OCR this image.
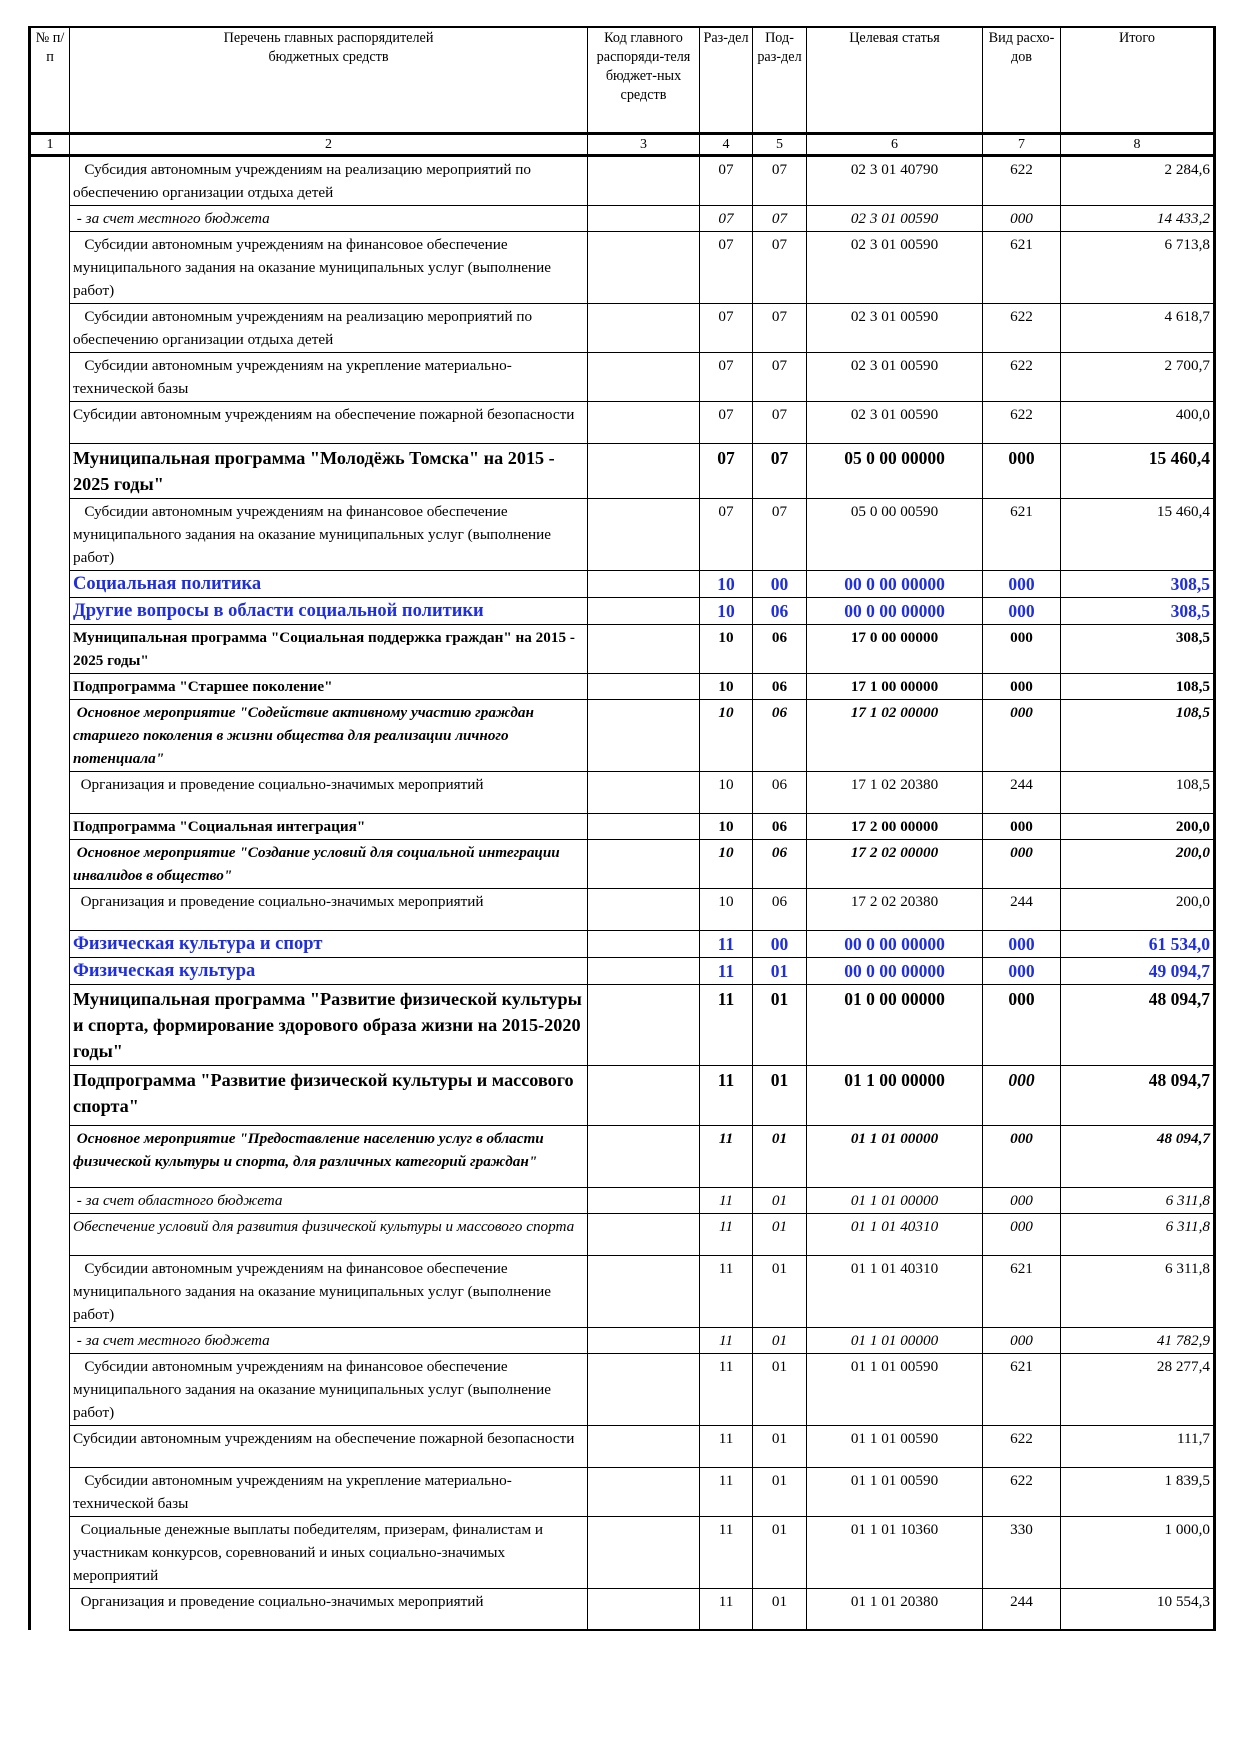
№ п/п	Перечень главных распорядителей бюджетных средств	Код главного распоряди-теля бюджет-ных средств	Раз-дел	Под-раз-дел	Целевая статья	Вид расхо-дов	Итого
1	2	3	4	5	6	7	8
	Субсидия автономным учреждениям на реализацию мероприятий по обеспечению организации отдыха детей		07	07	02 3 01 40790	622	2 284,6
	- за счет местного бюджета		07	07	02 3 01 00590	000	14 433,2
	Субсидии автономным учреждениям на финансовое обеспечение муниципального задания на оказание муниципальных услуг (выполнение работ)		07	07	02 3 01 00590	621	6 713,8
	Субсидии автономным учреждениям на реализацию мероприятий по обеспечению организации отдыха детей		07	07	02 3 01 00590	622	4 618,7
	Субсидии автономным учреждениям на укрепление материально-технической базы		07	07	02 3 01 00590	622	2 700,7
	Субсидии автономным учреждениям на обеспечение пожарной безопасности		07	07	02 3 01 00590	622	400,0
	Муниципальная программа "Молодёжь Томска" на 2015 - 2025 годы"		07	07	05 0 00 00000	000	15 460,4
	Субсидии автономным учреждениям на финансовое обеспечение муниципального задания на оказание муниципальных услуг (выполнение работ)		07	07	05 0 00 00590	621	15 460,4
	Социальная политика		10	00	00 0 00 00000	000	308,5
	Другие вопросы в области социальной политики		10	06	00 0 00 00000	000	308,5
	Муниципальная программа "Социальная поддержка граждан" на 2015 - 2025 годы"		10	06	17 0 00 00000	000	308,5
	Подпрограмма "Старшее поколение"		10	06	17 1 00 00000	000	108,5
	Основное мероприятие "Содействие активному участию граждан старшего поколения в жизни общества для реализации личного потенциала"		10	06	17 1 02 00000	000	108,5
	Организация и проведение социально-значимых мероприятий		10	06	17 1 02 20380	244	108,5
	Подпрограмма "Социальная интеграция"		10	06	17 2 00 00000	000	200,0
	Основное мероприятие "Создание условий для социальной интеграции инвалидов в общество"		10	06	17 2 02 00000	000	200,0
	Организация и проведение социально-значимых мероприятий		10	06	17 2 02 20380	244	200,0
	Физическая культура и спорт		11	00	00 0 00 00000	000	61 534,0
	Физическая культура		11	01	00 0 00 00000	000	49 094,7
	Муниципальная программа "Развитие физической культуры и спорта, формирование здорового образа жизни на 2015-2020 годы"		11	01	01 0 00 00000	000	48 094,7
	Подпрограмма "Развитие физической культуры и массового спорта"		11	01	01 1 00 00000	000	48 094,7
	Основное мероприятие "Предоставление населению услуг в области физической культуры и спорта, для различных категорий граждан"		11	01	01 1 01 00000	000	48 094,7
	- за счет областного бюджета		11	01	01 1 01 00000	000	6 311,8
	Обеспечение условий для развития физической культуры и массового спорта		11	01	01 1 01 40310	000	6 311,8
	Субсидии автономным учреждениям на финансовое обеспечение муниципального задания на оказание муниципальных услуг (выполнение работ)		11	01	01 1 01 40310	621	6 311,8
	- за счет местного бюджета		11	01	01 1 01 00000	000	41 782,9
	Субсидии автономным учреждениям на финансовое обеспечение муниципального задания на оказание муниципальных услуг (выполнение работ)		11	01	01 1 01 00590	621	28 277,4
	Субсидии автономным учреждениям на обеспечение пожарной безопасности		11	01	01 1 01 00590	622	111,7
	Субсидии автономным учреждениям на укрепление материально-технической базы		11	01	01 1 01 00590	622	1 839,5
	Социальные денежные выплаты победителям, призерам, финалистам и участникам конкурсов, соревнований и иных социально-значимых мероприятий		11	01	01 1 01 10360	330	1 000,0
	Организация и проведение социально-значимых мероприятий		11	01	01 1 01 20380	244	10 554,3
